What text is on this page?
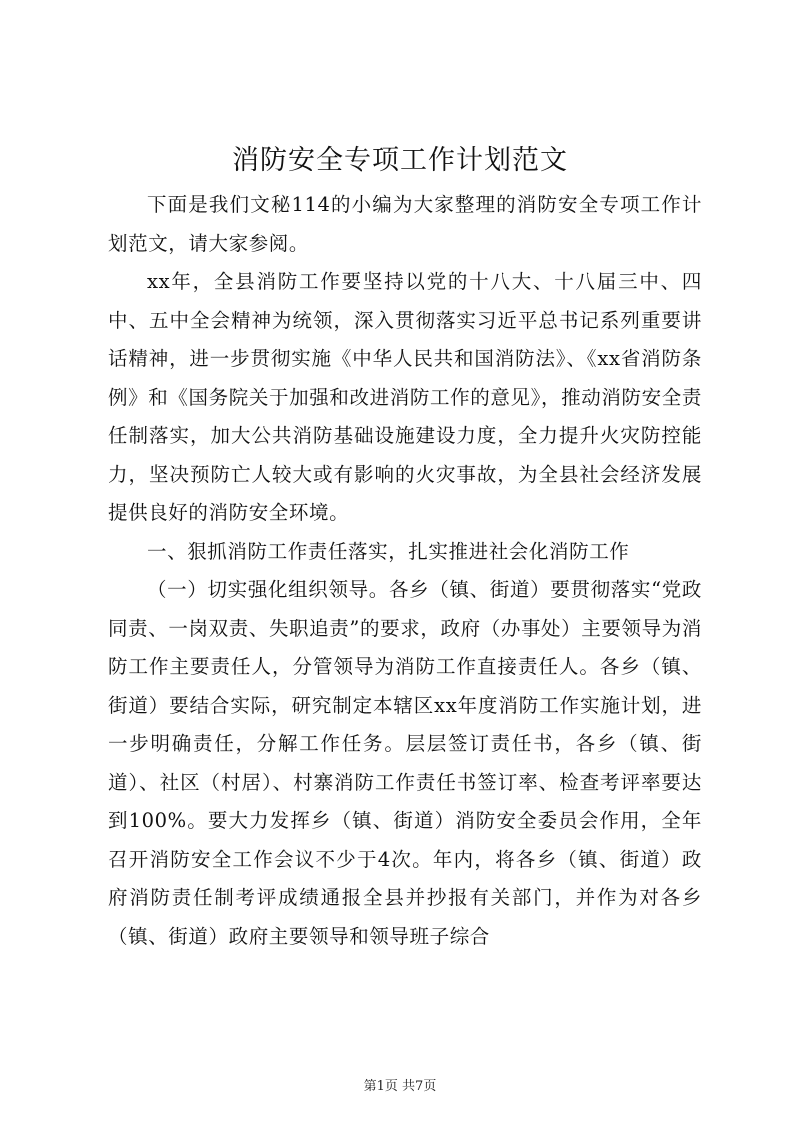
消防安全专项工作计划范文

下面是我们文秘114的小编为大家整理的消防安全专项工作计划范文，请大家参阅。

xx年，全县消防工作要坚持以党的十八大、十八届三中、四中、五中全会精神为统领，深入贯彻落实习近平总书记系列重要讲话精神，进一步贯彻实施《中华人民共和国消防法》、《xx省消防条例》和《国务院关于加强和改进消防工作的意见》，推动消防安全责任制落实，加大公共消防基础设施建设力度，全力提升火灾防控能力，坚决预防亡人较大或有影响的火灾事故，为全县社会经济发展提供良好的消防安全环境。

一、狠抓消防工作责任落实，扎实推进社会化消防工作

（一）切实强化组织领导。各乡（镇、街道）要贯彻落实“党政同责、一岗双责、失职追责”的要求，政府（办事处）主要领导为消防工作主要责任人，分管领导为消防工作直接责任人。各乡（镇、街道）要结合实际，研究制定本辖区xx年度消防工作实施计划，进一步明确责任，分解工作任务。层层签订责任书，各乡（镇、街道）、社区（村居）、村寨消防工作责任书签订率、检查考评率要达到100%。要大力发挥乡（镇、街道）消防安全委员会作用，全年召开消防安全工作会议不少于4次。年内，将各乡（镇、街道）政府消防责任制考评成绩通报全县并抄报有关部门，并作为对各乡（镇、街道）政府主要领导和领导班子综合

第1页 共7页
